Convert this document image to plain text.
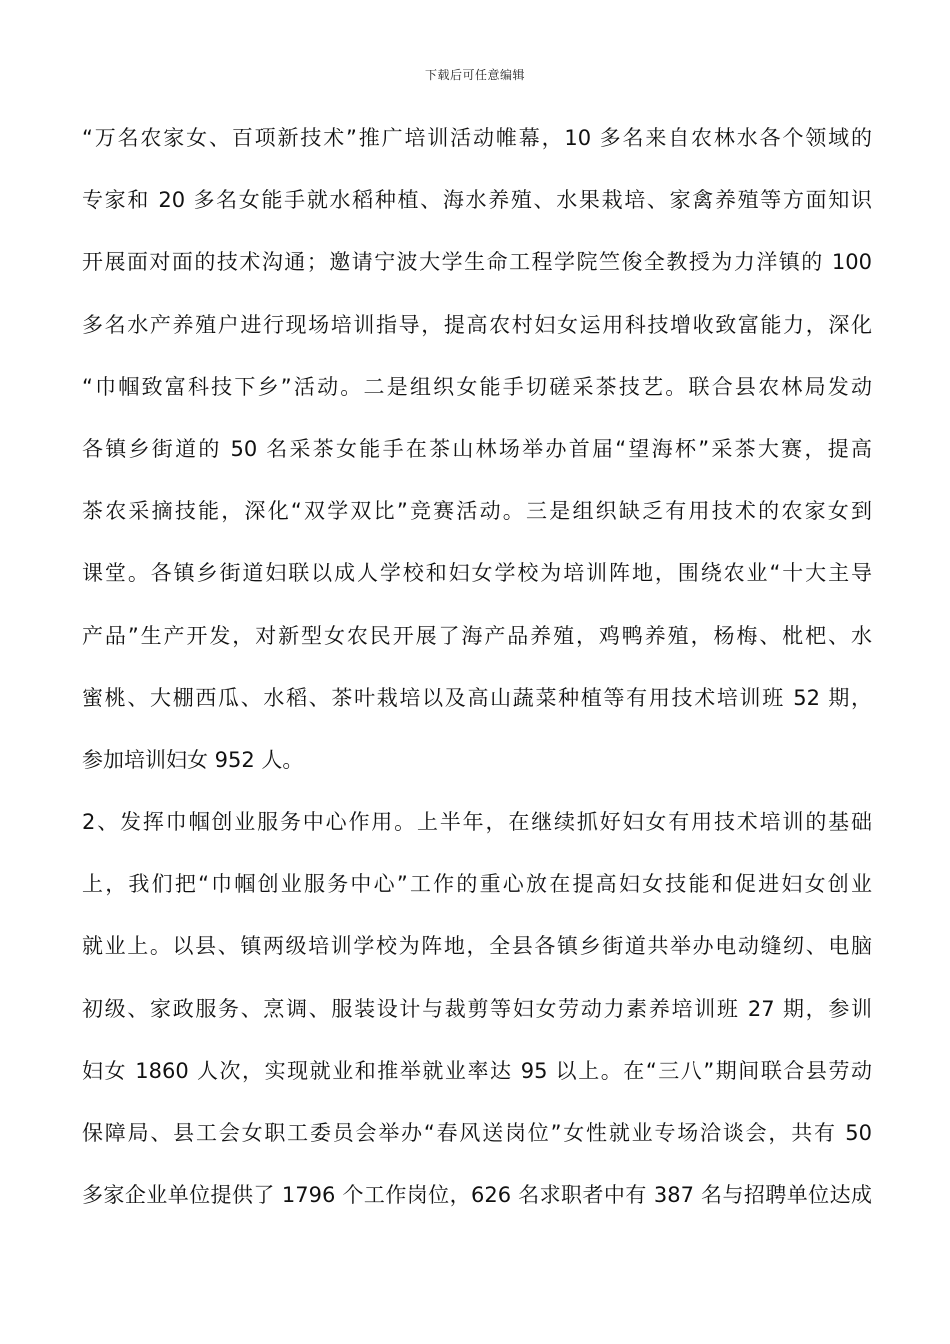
下载后可任意编辑
“万名农家女、百项新技术”推广培训活动帷幕，10 多名来自农林水各个领域的
专家和 20 多名女能手就水稻种植、海水养殖、水果栽培、家禽养殖等方面知识
开展面对面的技术沟通；邀请宁波大学生命工程学院竺俊全教授为力洋镇的 100
多名水产养殖户进行现场培训指导，提高农村妇女运用科技增收致富能力，深化
“巾帼致富科技下乡”活动。二是组织女能手切磋采茶技艺。联合县农林局发动
各镇乡街道的 50 名采茶女能手在茶山林场举办首届“望海杯”采茶大赛，提高
茶农采摘技能，深化“双学双比”竞赛活动。三是组织缺乏有用技术的农家女到
课堂。各镇乡街道妇联以成人学校和妇女学校为培训阵地，围绕农业“十大主导
产品”生产开发，对新型女农民开展了海产品养殖，鸡鸭养殖，杨梅、枇杷、水
蜜桃、大棚西瓜、水稻、茶叶栽培以及高山蔬菜种植等有用技术培训班 52 期，
参加培训妇女 952 人。
2、发挥巾帼创业服务中心作用。上半年，在继续抓好妇女有用技术培训的基础
上，我们把“巾帼创业服务中心”工作的重心放在提高妇女技能和促进妇女创业
就业上。以县、镇两级培训学校为阵地，全县各镇乡街道共举办电动缝纫、电脑
初级、家政服务、烹调、服装设计与裁剪等妇女劳动力素养培训班 27 期，参训
妇女 1860 人次，实现就业和推举就业率达 95 以上。在“三八”期间联合县劳动
保障局、县工会女职工委员会举办“春风送岗位”女性就业专场洽谈会，共有 50
多家企业单位提供了 1796 个工作岗位，626 名求职者中有 387 名与招聘单位达成
